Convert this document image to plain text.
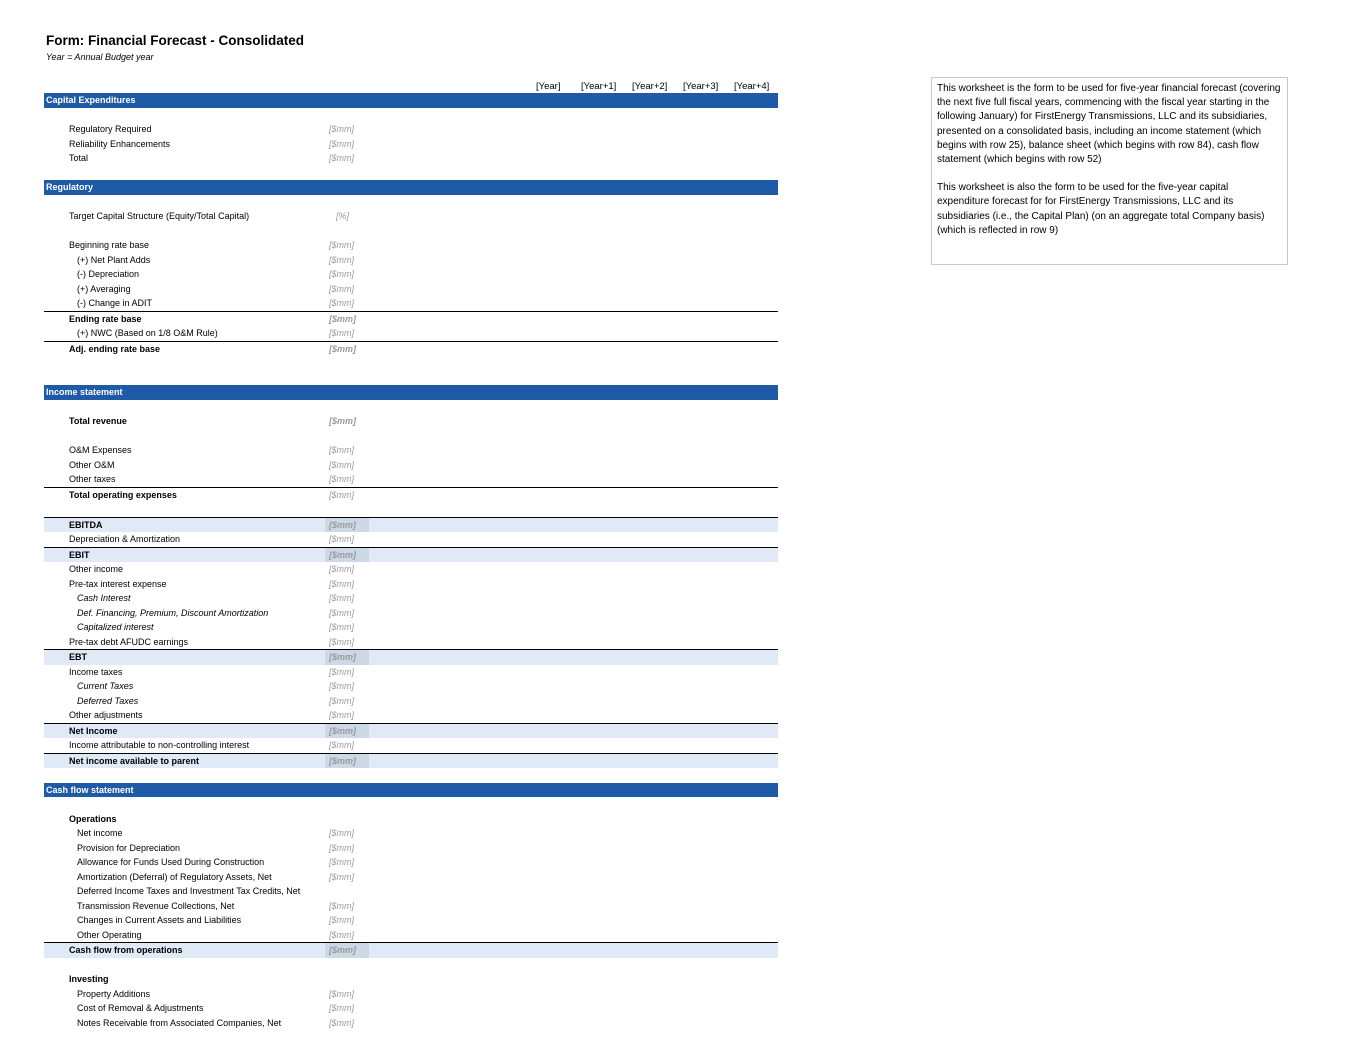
Form: Financial Forecast - Consolidated
Year = Annual Budget year
[Year] [Year+1] [Year+2] [Year+3] [Year+4]
Capital Expenditures
Regulatory Required	[$mm]
Reliability Enhancements	[$mm]
Total	[$mm]
Regulatory
Target Capital Structure (Equity/Total Capital)	[%]
Beginning rate base	[$mm]
(+) Net Plant Adds	[$mm]
(-) Depreciation	[$mm]
(+) Averaging	[$mm]
(-) Change in ADIT	[$mm]
Ending rate base	[$mm]
(+) NWC (Based on 1/8 O&M Rule)	[$mm]
Adj. ending rate base	[$mm]
Income statement
Total revenue	[$mm]
O&M Expenses	[$mm]
Other O&M	[$mm]
Other taxes	[$mm]
Total operating expenses	[$mm]
EBITDA	[$mm]
Depreciation & Amortization	[$mm]
EBIT	[$mm]
Other income	[$mm]
Pre-tax interest expense	[$mm]
Cash Interest	[$mm]
Def. Financing, Premium, Discount Amortization	[$mm]
Capitalized interest	[$mm]
Pre-tax debt AFUDC earnings	[$mm]
EBT	[$mm]
Income taxes	[$mm]
Current Taxes	[$mm]
Deferred Taxes	[$mm]
Other adjustments	[$mm]
Net Income	[$mm]
Income attributable to non-controlling interest	[$mm]
Net income available to parent	[$mm]
Cash flow statement
Operations
Net income	[$mm]
Provision for Depreciation	[$mm]
Allowance for Funds Used During Construction	[$mm]
Amortization (Deferral) of Regulatory Assets, Net	[$mm]
Deferred Income Taxes and Investment Tax Credits, Net
Transmission Revenue Collections, Net	[$mm]
Changes in Current Assets and Liabilities	[$mm]
Other Operating	[$mm]
Cash flow from operations	[$mm]
Investing
Property Additions	[$mm]
Cost of Removal & Adjustments	[$mm]
Notes Receivable from Associated Companies, Net	[$mm]

This worksheet is the form to be used for five-year financial forecast (covering the next five full fiscal years, commencing with the fiscal year starting in the following January) for FirstEnergy Transmissions, LLC and its subsidiaries, presented on a consolidated basis, including an income statement (which begins with row 25), balance sheet (which begins with row 84), cash flow statement (which begins with row 52)

This worksheet is also the form to be used for the five-year capital expenditure forecast for for FirstEnergy Transmissions, LLC and its subsidiaries (i.e., the Capital Plan) (on an aggregate total Company basis) (which is reflected in row 9)
